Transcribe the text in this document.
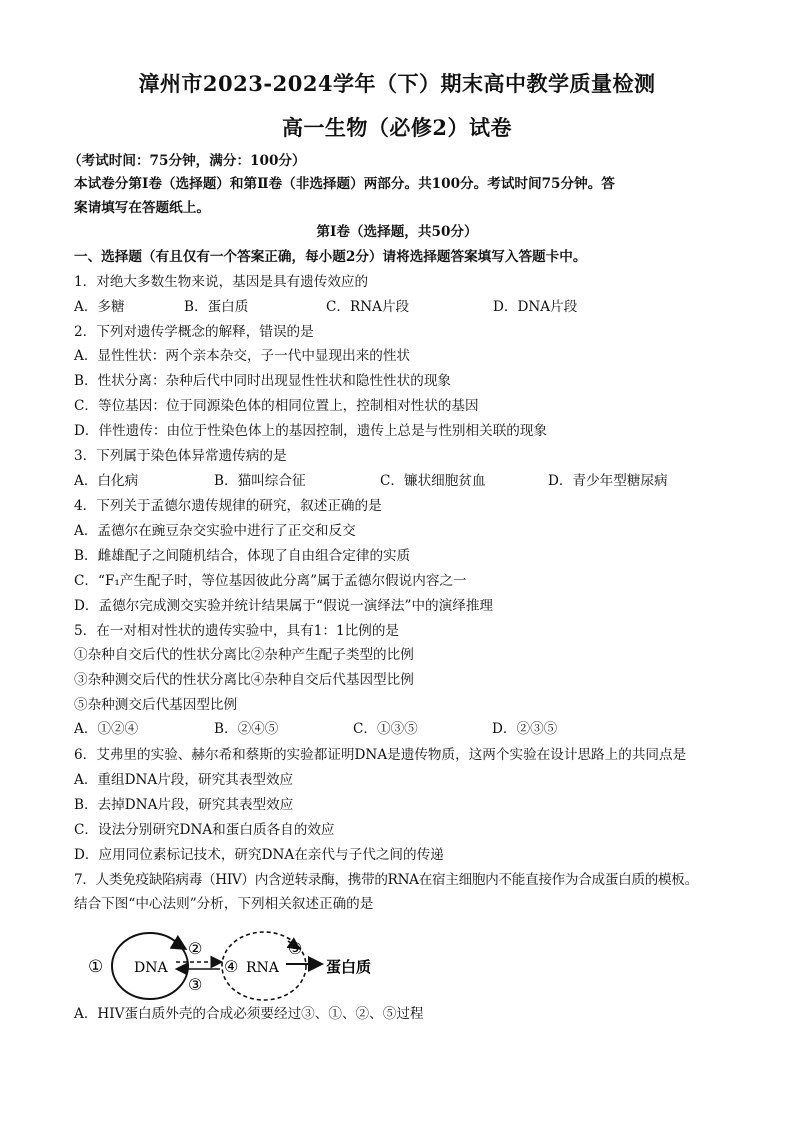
漳州市2023-2024学年（下）期末高中教学质量检测
高一生物（必修2）试卷
（考试时间：75分钟，满分：100分）
本试卷分第Ⅰ卷（选择题）和第Ⅱ卷（非选择题）两部分。共100分。考试时间75分钟。答
案请填写在答题纸上。
第Ⅰ卷（选择题，共50分）
一、选择题（有且仅有一个答案正确，每小题2分）请将选择题答案填写入答题卡中。
1．对绝大多数生物来说，基因是具有遗传效应的
A．多糖	B．蛋白质	C．RNA片段	D．DNA片段
2．下列对遗传学概念的解释，错误的是
A．显性性状：两个亲本杂交，子一代中显现出来的性状
B．性状分离：杂种后代中同时出现显性性状和隐性性状的现象
C．等位基因：位于同源染色体的相同位置上，控制相对性状的基因
D．伴性遗传：由位于性染色体上的基因控制，遗传上总是与性别相关联的现象
3．下列属于染色体异常遗传病的是
A．白化病	B．猫叫综合征	C．镰状细胞贫血	D．青少年型糖尿病
4．下列关于孟德尔遗传规律的研究，叙述正确的是
A．孟德尔在豌豆杂交实验中进行了正交和反交
B．雌雄配子之间随机结合，体现了自由组合定律的实质
C．“F₁产生配子时，等位基因彼此分离”属于孟德尔假说内容之一
D．孟德尔完成测交实验并统计结果属于“假说一演绎法”中的演绎推理
5．在一对相对性状的遗传实验中，具有1：1比例的是
①杂种自交后代的性状分离比②杂种产生配子类型的比例
③杂种测交后代的性状分离比④杂种自交后代基因型比例
⑤杂种测交后代基因型比例
A．①②④	B．②④⑤	C．①③⑤	D．②③⑤
6．艾弗里的实验、赫尔希和蔡斯的实验都证明DNA是遗传物质，这两个实验在设计思路上的共同点是
A．重组DNA片段，研究其表型效应
B．去掉DNA片段，研究其表型效应
C．设法分别研究DNA和蛋白质各自的效应
D．应用同位素标记技术，研究DNA在亲代与子代之间的传递
7．人类免疫缺陷病毒（HIV）内含逆转录酶，携带的RNA在宿主细胞内不能直接作为合成蛋白质的模板。
结合下图“中心法则”分析，下列相关叙述正确的是
① DNA
②
③
④ RNA
⑤
蛋白质
A．HIV蛋白质外壳的合成必须要经过③、①、②、⑤过程
